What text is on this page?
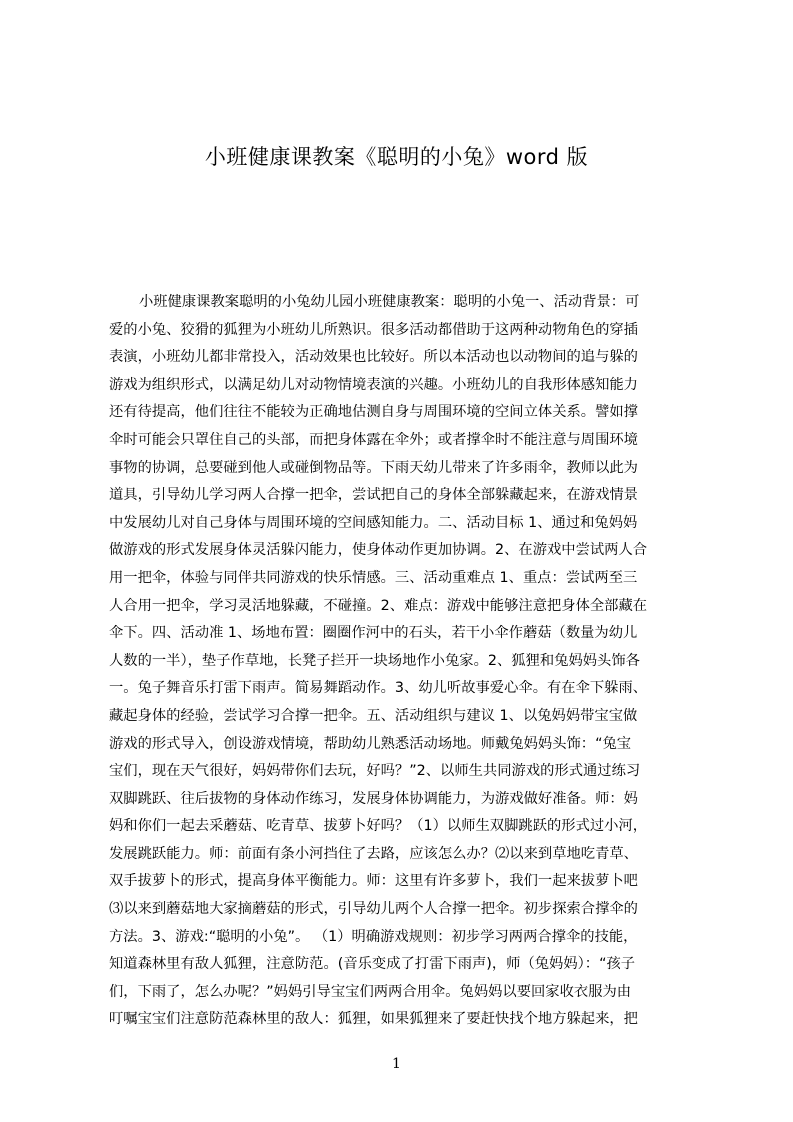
小班健康课教案《聪明的小兔》word 版
小班健康课教案聪明的小兔幼儿园小班健康教案：聪明的小兔一、活动背景：可
爱的小兔、狡猾的狐狸为小班幼儿所熟识。很多活动都借助于这两种动物角色的穿插
表演，小班幼儿都非常投入，活动效果也比较好。所以本活动也以动物间的追与躲的
游戏为组织形式，以满足幼儿对动物情境表演的兴趣。小班幼儿的自我形体感知能力
还有待提高，他们往往不能较为正确地估测自身与周围环境的空间立体关系。譬如撑
伞时可能会只罩住自己的头部，而把身体露在伞外；或者撑伞时不能注意与周围环境
事物的协调，总要碰到他人或碰倒物品等。下雨天幼儿带来了许多雨伞，教师以此为
道具，引导幼儿学习两人合撑一把伞，尝试把自己的身体全部躲藏起来，在游戏情景
中发展幼儿对自己身体与周围环境的空间感知能力。二、活动目标 1、通过和兔妈妈
做游戏的形式发展身体灵活躲闪能力，使身体动作更加协调。2、在游戏中尝试两人合
用一把伞，体验与同伴共同游戏的快乐情感。三、活动重难点 1、重点：尝试两至三
人合用一把伞，学习灵活地躲藏，不碰撞。2、难点：游戏中能够注意把身体全部藏在
伞下。四、活动准 1、场地布置：圈圈作河中的石头，若干小伞作蘑菇（数量为幼儿
人数的一半），垫子作草地，长凳子拦开一块场地作小兔家。2、狐狸和兔妈妈头饰各
一。兔子舞音乐打雷下雨声。简易舞蹈动作。3、幼儿听故事爱心伞。有在伞下躲雨、
藏起身体的经验，尝试学习合撑一把伞。五、活动组织与建议 1、以兔妈妈带宝宝做
游戏的形式导入，创设游戏情境，帮助幼儿熟悉活动场地。师戴兔妈妈头饰：“兔宝
宝们，现在天气很好，妈妈带你们去玩，好吗？”2、以师生共同游戏的形式通过练习
双脚跳跃、往后拔物的身体动作练习，发展身体协调能力，为游戏做好准备。师：妈
妈和你们一起去采蘑菇、吃青草、拔萝卜好吗？（1）以师生双脚跳跃的形式过小河，
发展跳跃能力。师：前面有条小河挡住了去路，应该怎么办？⑵以来到草地吃青草、
双手拔萝卜的形式，提高身体平衡能力。师：这里有许多萝卜，我们一起来拔萝卜吧
⑶以来到蘑菇地大家摘蘑菇的形式，引导幼儿两个人合撑一把伞。初步探索合撑伞的
方法。3、游戏:“聪明的小兔”。 （1）明确游戏规则：初步学习两两合撑伞的技能，
知道森林里有敌人狐狸，注意防范。(音乐变成了打雷下雨声)，师（兔妈妈）：“孩子
们，下雨了，怎么办呢？”妈妈引导宝宝们两两合用伞。兔妈妈以要回家收衣服为由
叮嘱宝宝们注意防范森林里的敌人：狐狸，如果狐狸来了要赶快找个地方躲起来，把
1
